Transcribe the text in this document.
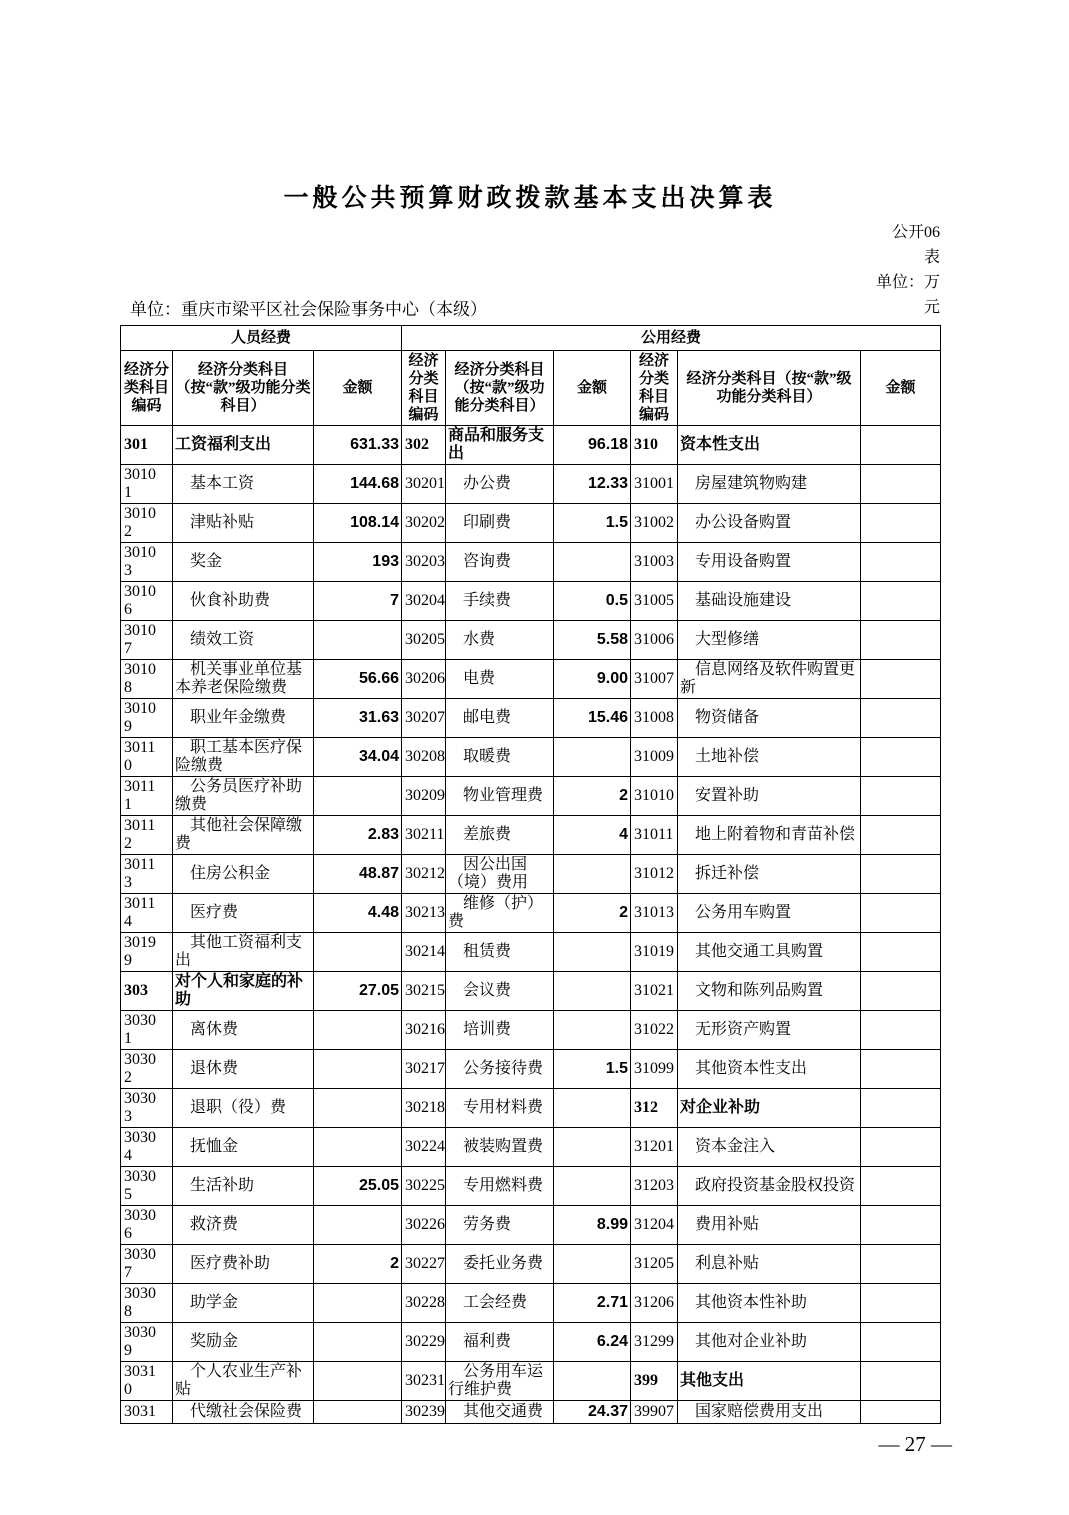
一般公共预算财政拨款基本支出决算表
公开06
表
单位：万
元
单位：重庆市梁平区社会保险事务中心（本级）
人员经费			公用经费					
经济分类科目编码	经济分类科目（按“款”级功能分类科目）	金额	经济分类科目编码	经济分类科目（按“款”级功能分类科目）	金额	经济分类科目编码	经济分类科目（按“款”级功能分类科目）	金额
301	工资福利支出	631.33	302	商品和服务支出	96.18	310	资本性支出	
30101	基本工资	144.68	30201	办公费	12.33	31001	房屋建筑物购建	
30102	津贴补贴	108.14	30202	印刷费	1.5	31002	办公设备购置	
30103	奖金	193	30203	咨询费		31003	专用设备购置	
30106	伙食补助费	7	30204	手续费	0.5	31005	基础设施建设	
30107	绩效工资		30205	水费	5.58	31006	大型修缮	
30108	机关事业单位基本养老保险缴费	56.66	30206	电费	9.00	31007	信息网络及软件购置更新	
30109	职业年金缴费	31.63	30207	邮电费	15.46	31008	物资储备	
30110	职工基本医疗保险缴费	34.04	30208	取暖费		31009	土地补偿	
30111	公务员医疗补助缴费		30209	物业管理费	2	31010	安置补助	
30112	其他社会保障缴费	2.83	30211	差旅费	4	31011	地上附着物和青苗补偿	
30113	住房公积金	48.87	30212	因公出国（境）费用		31012	拆迁补偿	
30114	医疗费	4.48	30213	维修（护）费	2	31013	公务用车购置	
30199	其他工资福利支出		30214	租赁费		31019	其他交通工具购置	
303	对个人和家庭的补助	27.05	30215	会议费		31021	文物和陈列品购置	
30301	离休费		30216	培训费		31022	无形资产购置	
30302	退休费		30217	公务接待费	1.5	31099	其他资本性支出	
30303	退职（役）费		30218	专用材料费		312	对企业补助	
30304	抚恤金		30224	被装购置费		31201	资本金注入	
30305	生活补助	25.05	30225	专用燃料费		31203	政府投资基金股权投资	
30306	救济费		30226	劳务费	8.99	31204	费用补贴	
30307	医疗费补助	2	30227	委托业务费		31205	利息补贴	
30308	助学金		30228	工会经费	2.71	31206	其他资本性补助	
30309	奖励金		30229	福利费	6.24	31299	其他对企业补助	
30310	个人农业生产补贴		30231	公务用车运行维护费		399	其他支出	
3031	代缴社会保险费		30239	其他交通费	24.37	39907	国家赔偿费用支出	
— 27 —
